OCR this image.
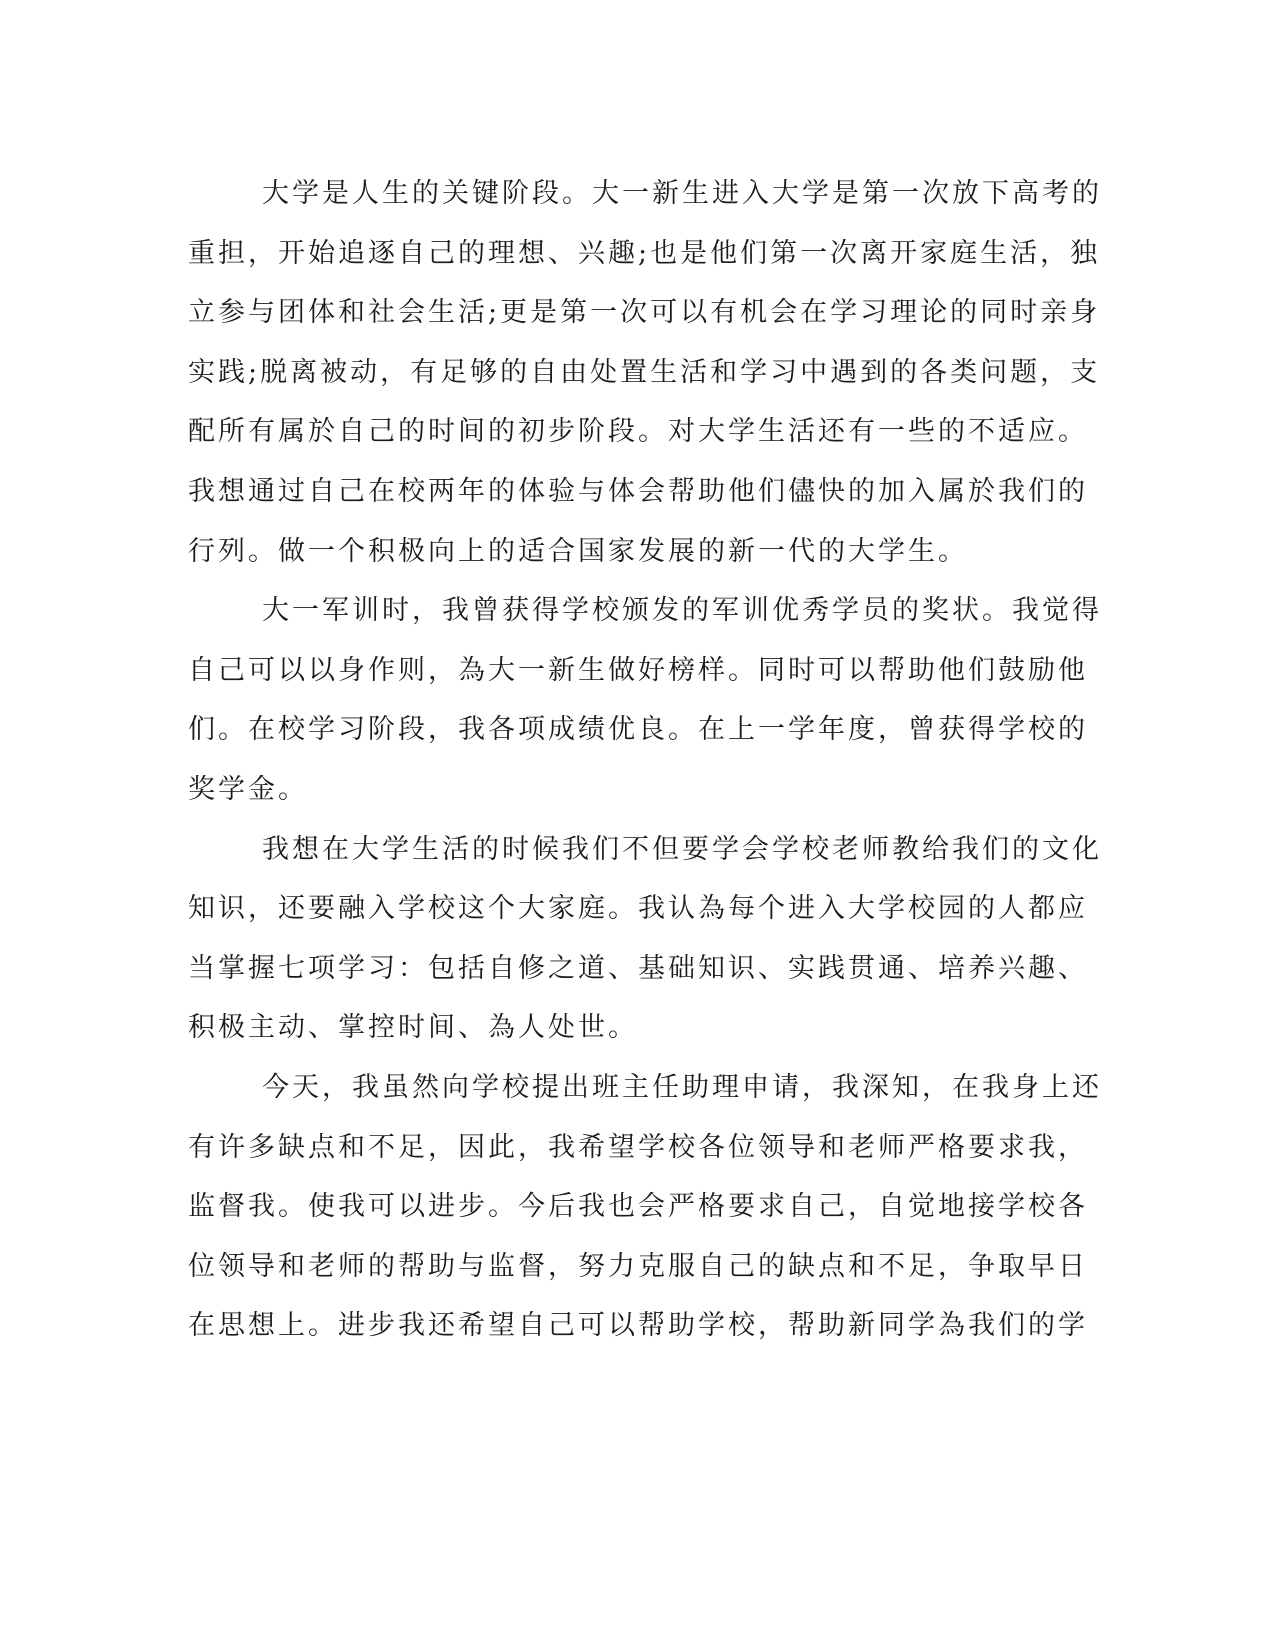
大学是人生的关键阶段。大一新生进入大学是第一次放下高考的
重担，开始追逐自己的理想、兴趣;也是他们第一次离开家庭生活，独
立参与团体和社会生活;更是第一次可以有机会在学习理论的同时亲身
实践;脱离被动，有足够的自由处置生活和学习中遇到的各类问题，支
配所有属於自己的时间的初步阶段。对大学生活还有一些的不适应。
我想通过自己在校两年的体验与体会帮助他们儘快的加入属於我们的
行列。做一个积极向上的适合国家发展的新一代的大学生。
大一军训时，我曾获得学校颁发的军训优秀学员的奖状。我觉得
自己可以以身作则，為大一新生做好榜样。同时可以帮助他们鼓励他
们。在校学习阶段，我各项成绩优良。在上一学年度，曾获得学校的
奖学金。
我想在大学生活的时候我们不但要学会学校老师教给我们的文化
知识，还要融入学校这个大家庭。我认為每个进入大学校园的人都应
当掌握七项学习：包括自修之道、基础知识、实践贯通、培养兴趣、
积极主动、掌控时间、為人处世。
今天，我虽然向学校提出班主任助理申请，我深知，在我身上还
有许多缺点和不足，因此，我希望学校各位领导和老师严格要求我，
监督我。使我可以进步。今后我也会严格要求自己，自觉地接学校各
位领导和老师的帮助与监督，努力克服自己的缺点和不足，争取早日
在思想上。进步我还希望自己可以帮助学校，帮助新同学為我们的学
